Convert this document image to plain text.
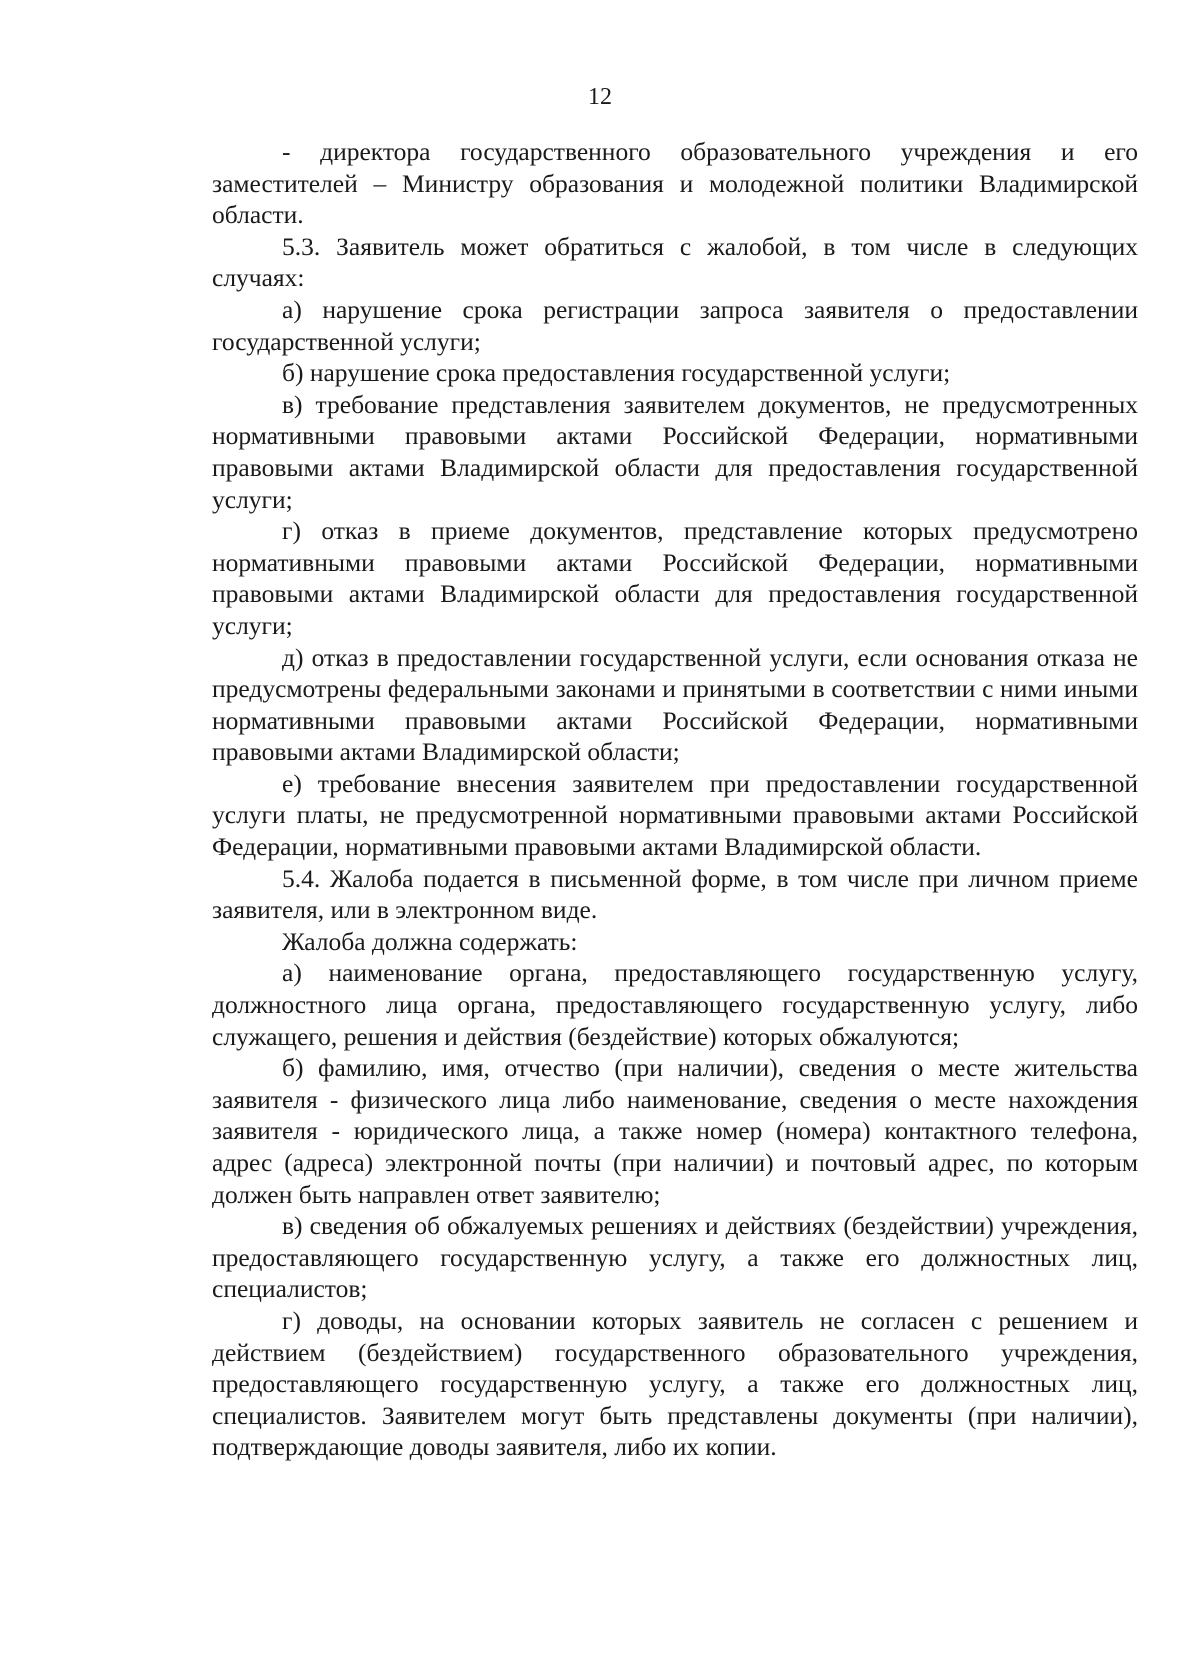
12

- директора государственного образовательного учреждения и его заместителей – Министру образования и молодежной политики Владимирской области.

5.3. Заявитель может обратиться с жалобой, в том числе в следующих случаях:

а) нарушение срока регистрации запроса заявителя о предоставлении государственной услуги;

б) нарушение срока предоставления государственной услуги;

в) требование представления заявителем документов, не предусмотренных нормативными правовыми актами Российской Федерации, нормативными правовыми актами Владимирской области для предоставления государственной услуги;

г) отказ в приеме документов, представление которых предусмотрено нормативными правовыми актами Российской Федерации, нормативными правовыми актами Владимирской области для предоставления государственной услуги;

д) отказ в предоставлении государственной услуги, если основания отказа не предусмотрены федеральными законами и принятыми в соответствии с ними иными нормативными правовыми актами Российской Федерации, нормативными правовыми актами Владимирской области;

е) требование внесения заявителем при предоставлении государственной услуги платы, не предусмотренной нормативными правовыми актами Российской Федерации, нормативными правовыми актами Владимирской области.

5.4. Жалоба подается в письменной форме, в том числе при личном приеме заявителя, или в электронном виде.

Жалоба должна содержать:

а) наименование органа, предоставляющего государственную услугу, должностного лица органа, предоставляющего государственную услугу, либо служащего, решения и действия (бездействие) которых обжалуются;

б) фамилию, имя, отчество (при наличии), сведения о месте жительства заявителя - физического лица либо наименование, сведения о месте нахождения заявителя - юридического лица, а также номер (номера) контактного телефона, адрес (адреса) электронной почты (при наличии) и почтовый адрес, по которым должен быть направлен ответ заявителю;

в) сведения об обжалуемых решениях и действиях (бездействии) учреждения, предоставляющего государственную услугу, а также его должностных лиц, специалистов;

г) доводы, на основании которых заявитель не согласен с решением и действием (бездействием) государственного образовательного учреждения, предоставляющего государственную услугу, а также его должностных лиц, специалистов. Заявителем могут быть представлены документы (при наличии), подтверждающие доводы заявителя, либо их копии.
